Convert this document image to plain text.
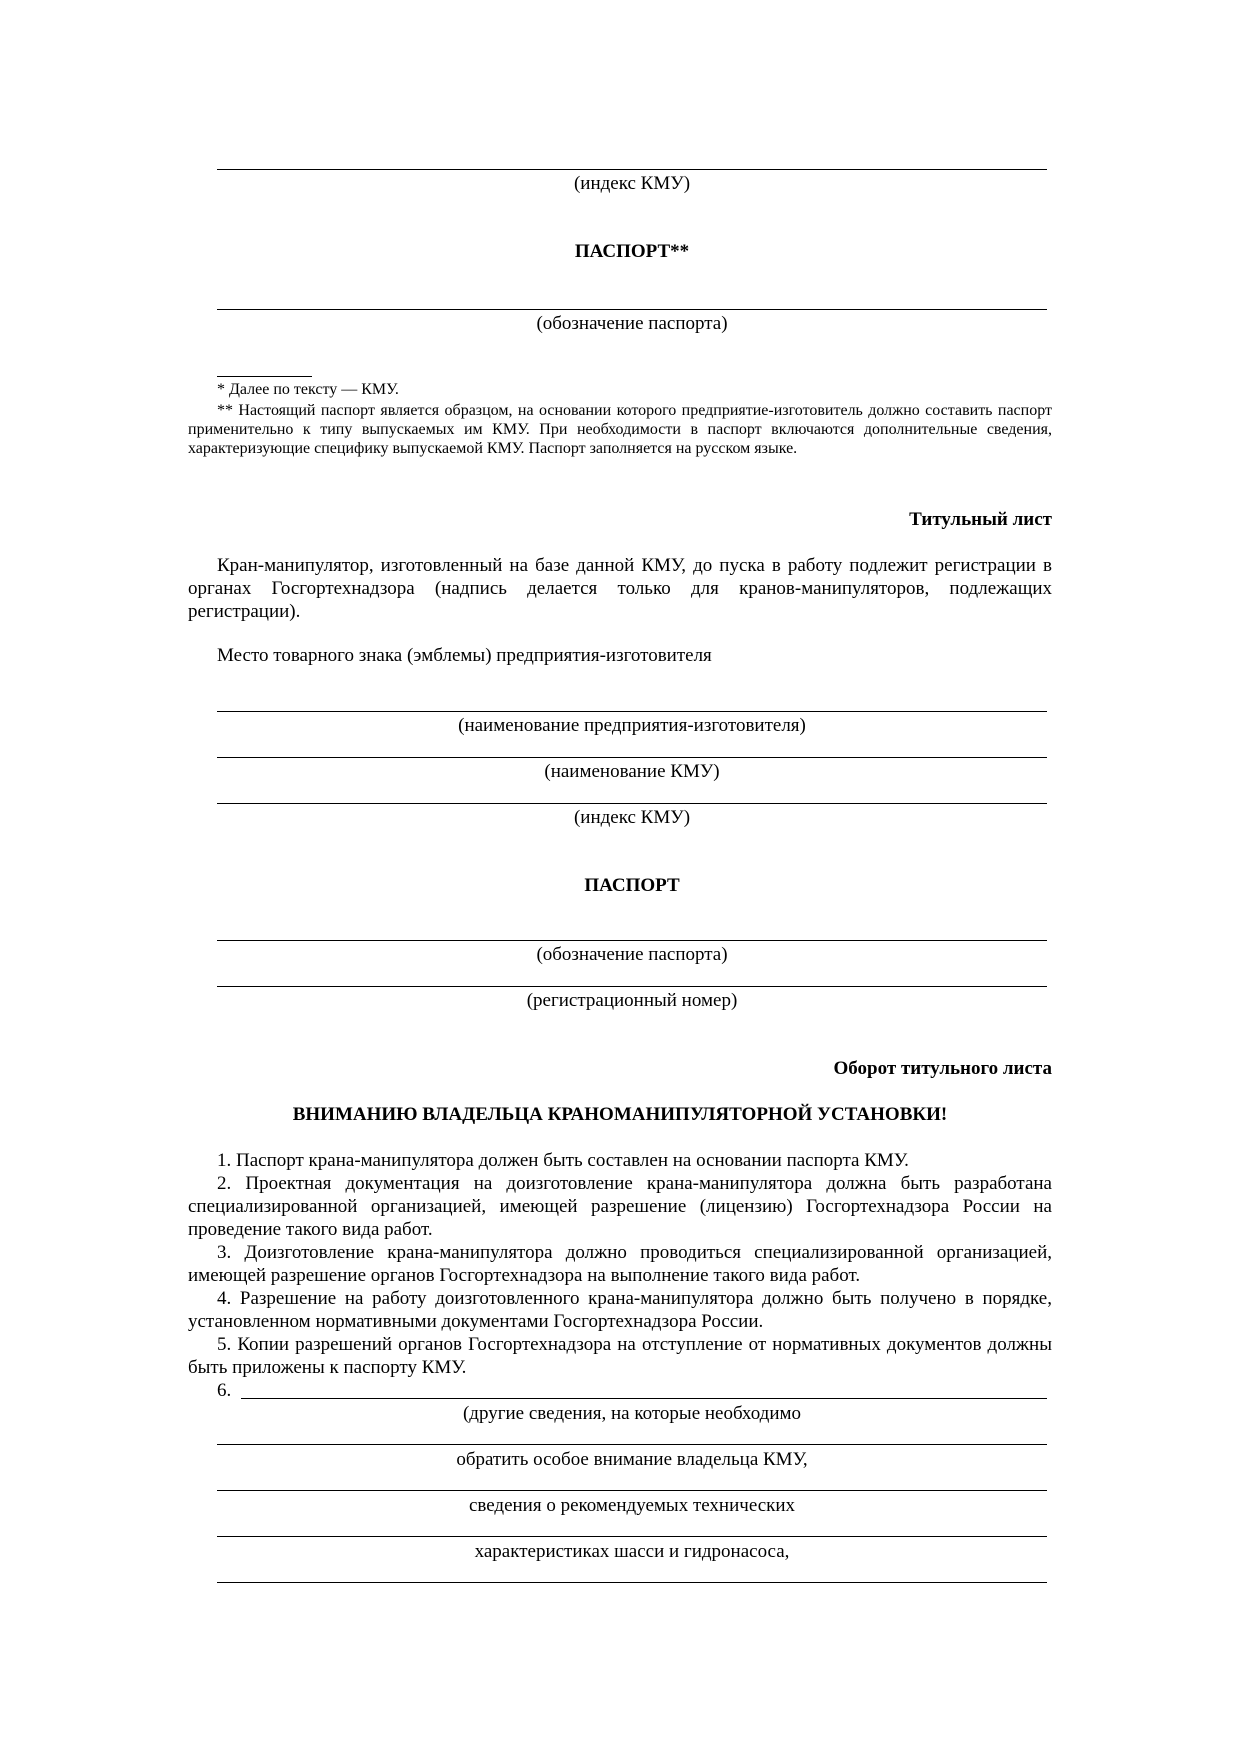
(индекс КМУ)
ПАСПОРТ**
(обозначение паспорта)
* Далее по тексту — КМУ.
** Настоящий паспорт является образцом, на основании которого предприятие-изготовитель должно составить паспорт применительно к типу выпускаемых им КМУ. При необходимости в паспорт включаются дополнительные сведения, характеризующие специфику выпускаемой КМУ. Паспорт заполняется на русском языке.
Титульный лист
Кран-манипулятор, изготовленный на базе данной КМУ, до пуска в работу подлежит регистрации в органах Госгортехнадзора (надпись делается только для кранов-манипуляторов, подлежащих регистрации).
Место товарного знака (эмблемы) предприятия-изготовителя
(наименование предприятия-изготовителя)
(наименование КМУ)
(индекс КМУ)
ПАСПОРТ
(обозначение паспорта)
(регистрационный номер)
Оборот титульного листа
ВНИМАНИЮ ВЛАДЕЛЬЦА КРАНОМАНИПУЛЯТОРНОЙ УСТАНОВКИ!
1. Паспорт крана-манипулятора должен быть составлен на основании паспорта КМУ.
2. Проектная документация на доизготовление крана-манипулятора должна быть разработана специализированной организацией, имеющей разрешение (лицензию) Госгортехнадзора России на проведение такого вида работ.
3. Доизготовление крана-манипулятора должно проводиться специализированной организацией, имеющей разрешение органов Госгортехнадзора на выполнение такого вида работ.
4. Разрешение на работу доизготовленного крана-манипулятора должно быть получено в порядке, установленном нормативными документами Госгортехнадзора России.
5. Копии разрешений органов Госгортехнадзора на отступление от нормативных документов должны быть приложены к паспорту КМУ.
6.
(другие сведения, на которые необходимо
обратить особое внимание владельца КМУ,
сведения о рекомендуемых технических
характеристиках шасси и гидронасоса,
